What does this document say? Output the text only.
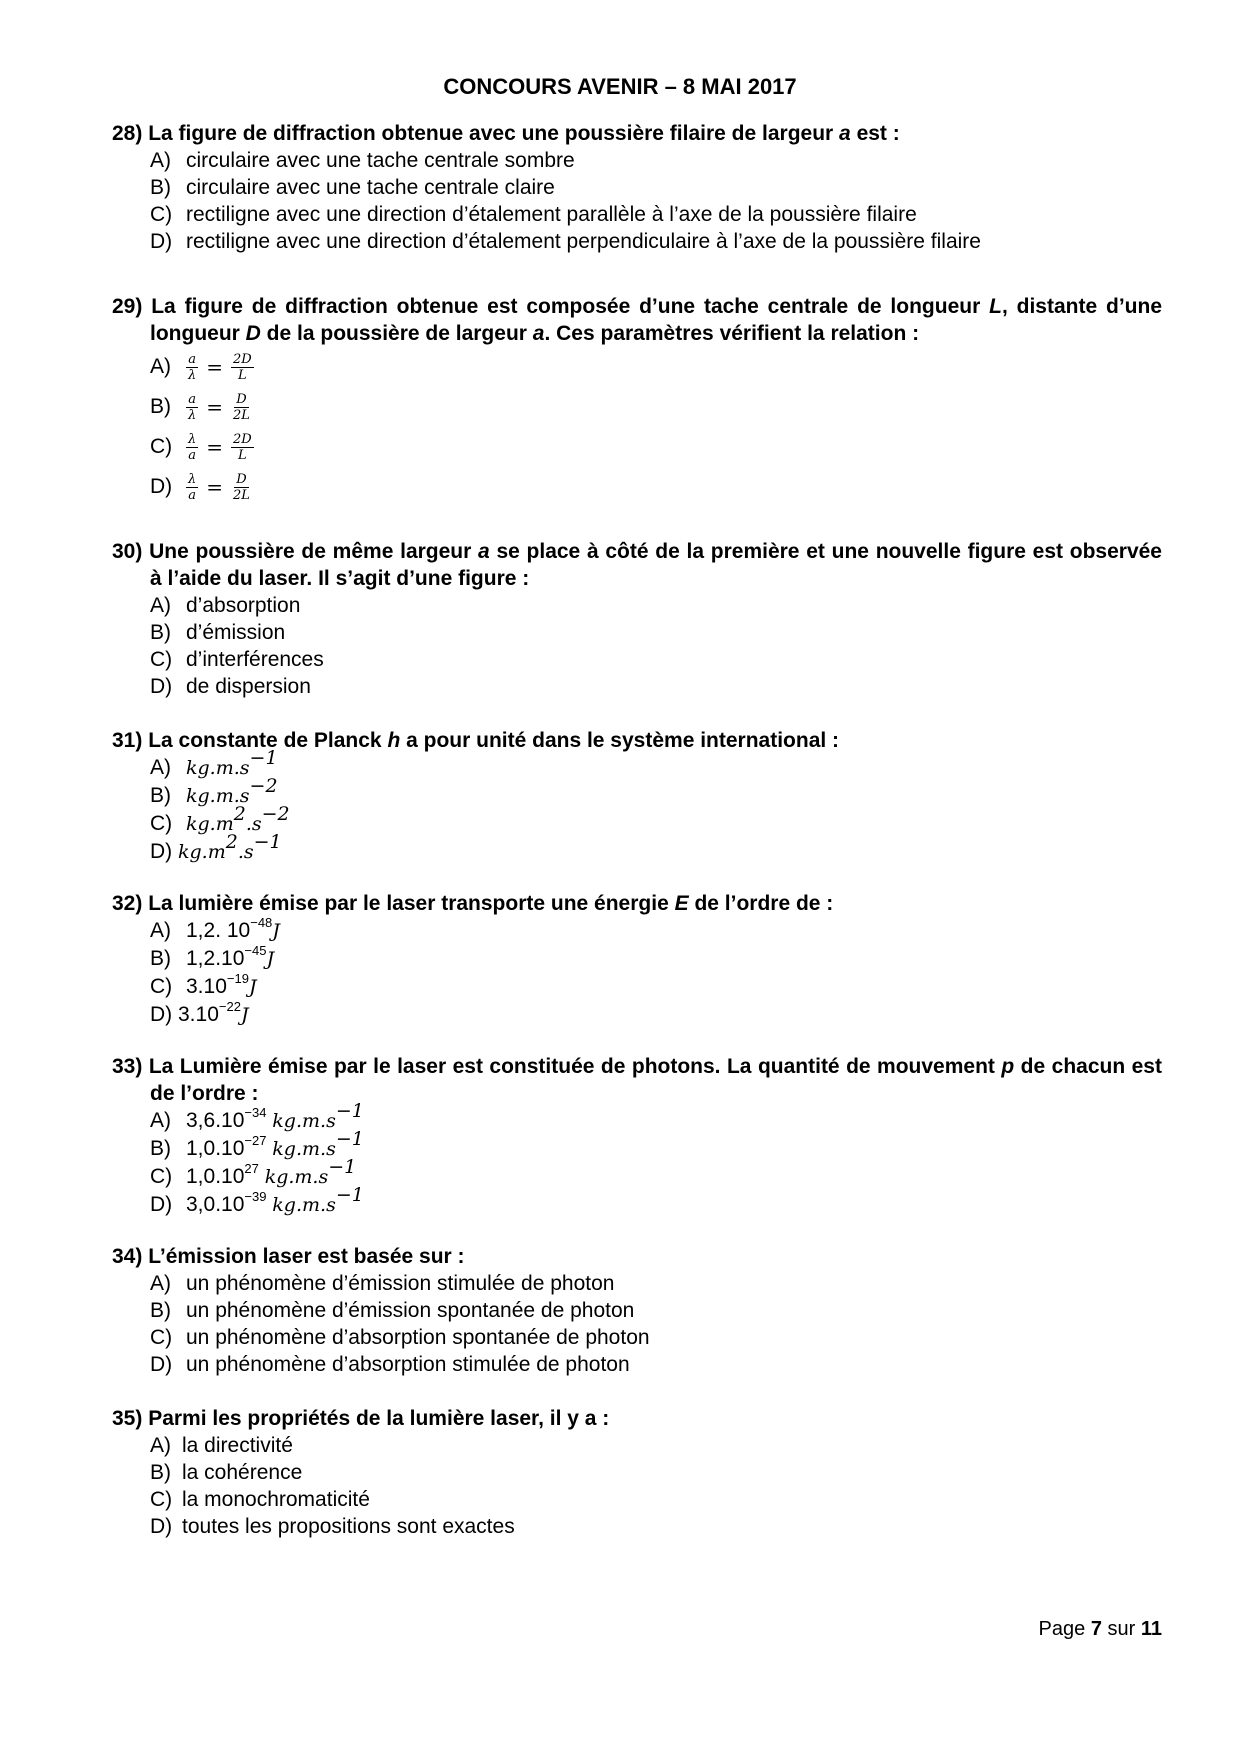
CONCOURS AVENIR – 8 MAI 2017
28) La figure de diffraction obtenue avec une poussière filaire de largeur a est :
A) circulaire avec une tache centrale sombre
B) circulaire avec une tache centrale claire
C) rectiligne avec une direction d’étalement parallèle à l’axe de la poussière filaire
D) rectiligne avec une direction d’étalement perpendiculaire à l’axe de la poussière filaire
29) La figure de diffraction obtenue est composée d’une tache centrale de longueur L, distante d’une longueur D de la poussière de largeur a. Ces paramètres vérifient la relation :
A)	$\frac{a}{\lambda} = \frac{2D}{L}$
B)	$\frac{a}{\lambda} = \frac{D}{2L}$
C)	$\frac{\lambda}{a} = \frac{2D}{L}$
D)	$\frac{\lambda}{a} = \frac{D}{2L}$
30) Une poussière de même largeur a se place à côté de la première et une nouvelle figure est observée à l’aide du laser. Il s’agit d’une figure :
A) d’absorption
B) d’émission
C) d’interférences
D) de dispersion
31) La constante de Planck h a pour unité dans le système international :
A) $kg.m.s^{-1}$
B) $kg.m.s^{-2}$
C) $kg.m^2.s^{-2}$
D) $kg.m^2.s^{-1}$
32) La lumière émise par le laser transporte une énergie E de l’ordre de :
A) 1,2. $10^{-48}J$
B) $1,2.10^{-45}J$
C) $3.10^{-19}J$
D) $3.10^{-22}J$
33) La Lumière émise par le laser est constituée de photons. La quantité de mouvement p de chacun est de l’ordre :
A) $3,6.10^{-34}$ $kg.m.s^{-1}$
B) $1,0.10^{-27}$ $kg.m.s^{-1}$
C) 1,0.10$^{27}$ $kg.m.s^{-1}$
D) $3,0.10^{-39}$ $kg.m.s^{-1}$
34) L’émission laser est basée sur :
A) un phénomène d’émission stimulée de photon
B) un phénomène d’émission spontanée de photon
C) un phénomène d’absorption spontanée de photon
D) un phénomène d’absorption stimulée de photon
35) Parmi les propriétés de la lumière laser, il y a :
A) la directivité
B) la cohérence
C) la monochromaticité
D) toutes les propositions sont exactes
Page 7 sur 11
